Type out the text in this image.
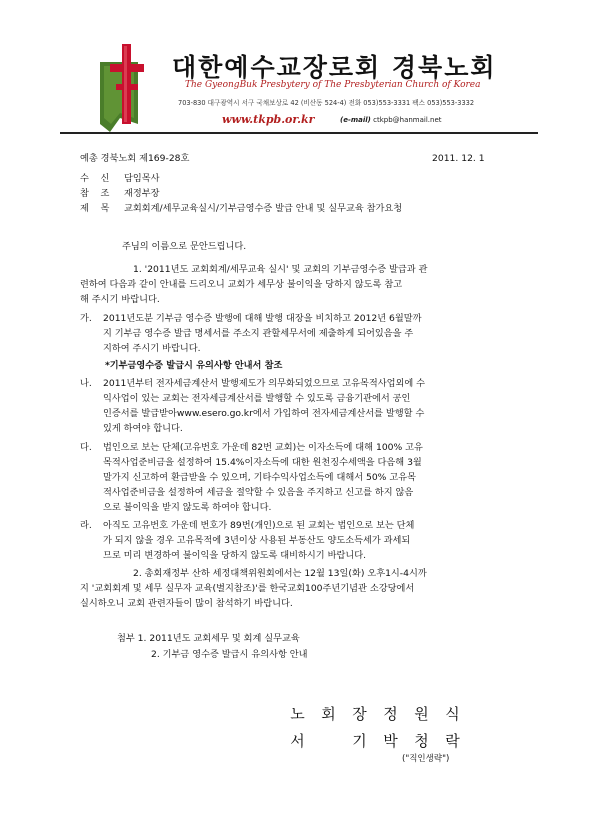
대한예수교장로회 경북노회
The GyeongBuk Presbytery of The Presbyterian Church of Korea
703-830 대구광역시 서구 국채보상로 42 (비산동 524-4) 전화 053)553-3331 팩스 053)553-3332
www.tkpb.or.kr	(e-mail) ctkpb@hanmail.net
예총 경북노회 제169-28호	2011. 12. 1
수    신 담임목사
참    조 재정부장
제    목 교회회계/세무교육실시/기부금영수증 발급 안내 및 실무교육 참가요청
주님의 이름으로 문안드립니다.
1. '2011년도 교회회계/세무교육 실시' 및 교회의 기부금영수증 발급과 관
련하여 다음과 같이 안내를 드리오니 교회가 세무상 불이익을 당하지 않도록 참고
해 주시기 바랍니다.
가. 2011년도분 기부금 영수증 발행에 대해 발행 대장을 비치하고 2012년 6월말까
지 기부금 영수증 발급 명세서를 주소지 관할세무서에 제출하게 되어있음을 주
지하여 주시기 바랍니다.
*기부금영수증 발급시 유의사항 안내서 참조
나. 2011년부터 전자세금계산서 발행제도가 의무화되었으므로 고유목적사업외에 수
익사업이 있는 교회는 전자세금계산서를 발행할 수 있도록 금융기관에서 공인
인증서를 발급받아www.esero.go.kr에서 가입하여 전자세금계산서를 발행할 수
있게 하여야 합니다.
다. 법인으로 보는 단체(고유번호 가운데 82번 교회)는 이자소득에 대해 100% 고유
목적사업준비금을 설정하여 15.4%이자소득에 대한 원천징수세액을 다음해 3월
말가지 신고하여 환급받을 수 있으며, 기타수익사업소득에 대해서 50% 고유목
적사업준비금을 설정하여 세금을 절약할 수 있음을 주지하고 신고를 하지 않음
으로 불이익을 받지 않도록 하여야 합니다.
라. 아직도 고유번호 가운데 번호가 89번(개인)으로 된 교회는 법인으로 보는 단체
가 되지 않을 경우 고유목적에 3년이상 사용된 부동산도 양도소득세가 과세되
므로 미리 변경하여 불이익을 당하지 않도록 대비하시기 바랍니다.
2. 총회재정부 산하 세정대책위원회에서는 12월 13일(화) 오후1시-4시까
지 '교회회계 및 세무 실무자 교육(별지참조)'를 한국교회100주년기념관 소강당에서
실시하오니 교회 관련자들이 많이 참석하기 바랍니다.
첨부 1. 2011년도 교회세무 및 회계 실무교육
2. 기부금 영수증 발급시 유의사항 안내
노 회 장 정 원 식
서	기 박 청 락
("직인생략")
